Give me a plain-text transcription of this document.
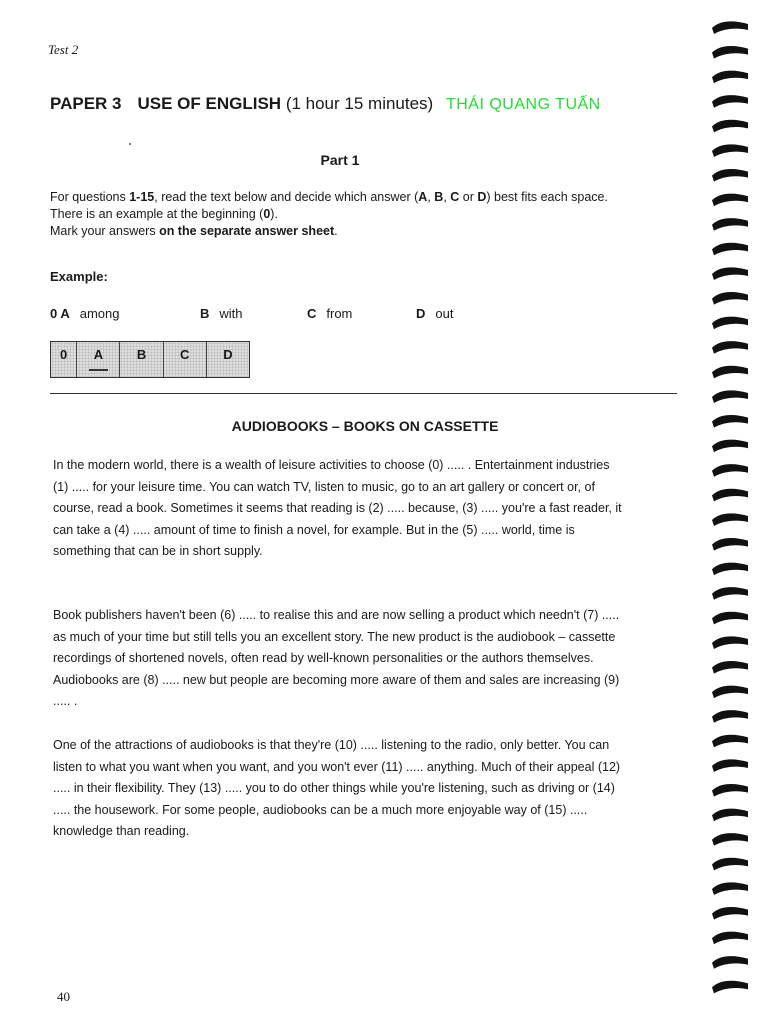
Test 2
PAPER 3 USE OF ENGLISH (1 hour 15 minutes) THÁI QUANG TUẤN
Part 1

For questions 1-15, read the text below and decide which answer (A, B, C or D) best fits each space. There is an example at the beginning (0).

Mark your answers on the separate answer sheet.

Example:
0 A among	B with	C from	D out
0	A	B	C	D
AUDIOBOOKS – BOOKS ON CASSETTE

In the modern world, there is a wealth of leisure activities to choose (0) ..... . Entertainment industries (1) ..... for your leisure time. You can watch TV, listen to music, go to an art gallery or concert or, of course, read a book. Sometimes it seems that reading is (2) ..... because, (3) ..... you're a fast reader, it can take a (4) ..... amount of time to finish a novel, for example. But in the (5) ..... world, time is something that can be in short supply.

Book publishers haven't been (6) ..... to realise this and are now selling a product which needn't (7) ..... as much of your time but still tells you an excellent story. The new product is the audiobook – cassette recordings of shortened novels, often read by well-known personalities or the authors themselves. Audiobooks are (8) ..... new but people are becoming more aware of them and sales are increasing (9) ..... .

One of the attractions of audiobooks is that they're (10) ..... listening to the radio, only better. You can listen to what you want when you want, and you won't ever (11) ..... anything. Much of their appeal (12) ..... in their flexibility. They (13) ..... you to do other things while you're listening, such as driving or (14) ..... the housework. For some people, audiobooks can be a much more enjoyable way of (15) ..... knowledge than reading.

40
